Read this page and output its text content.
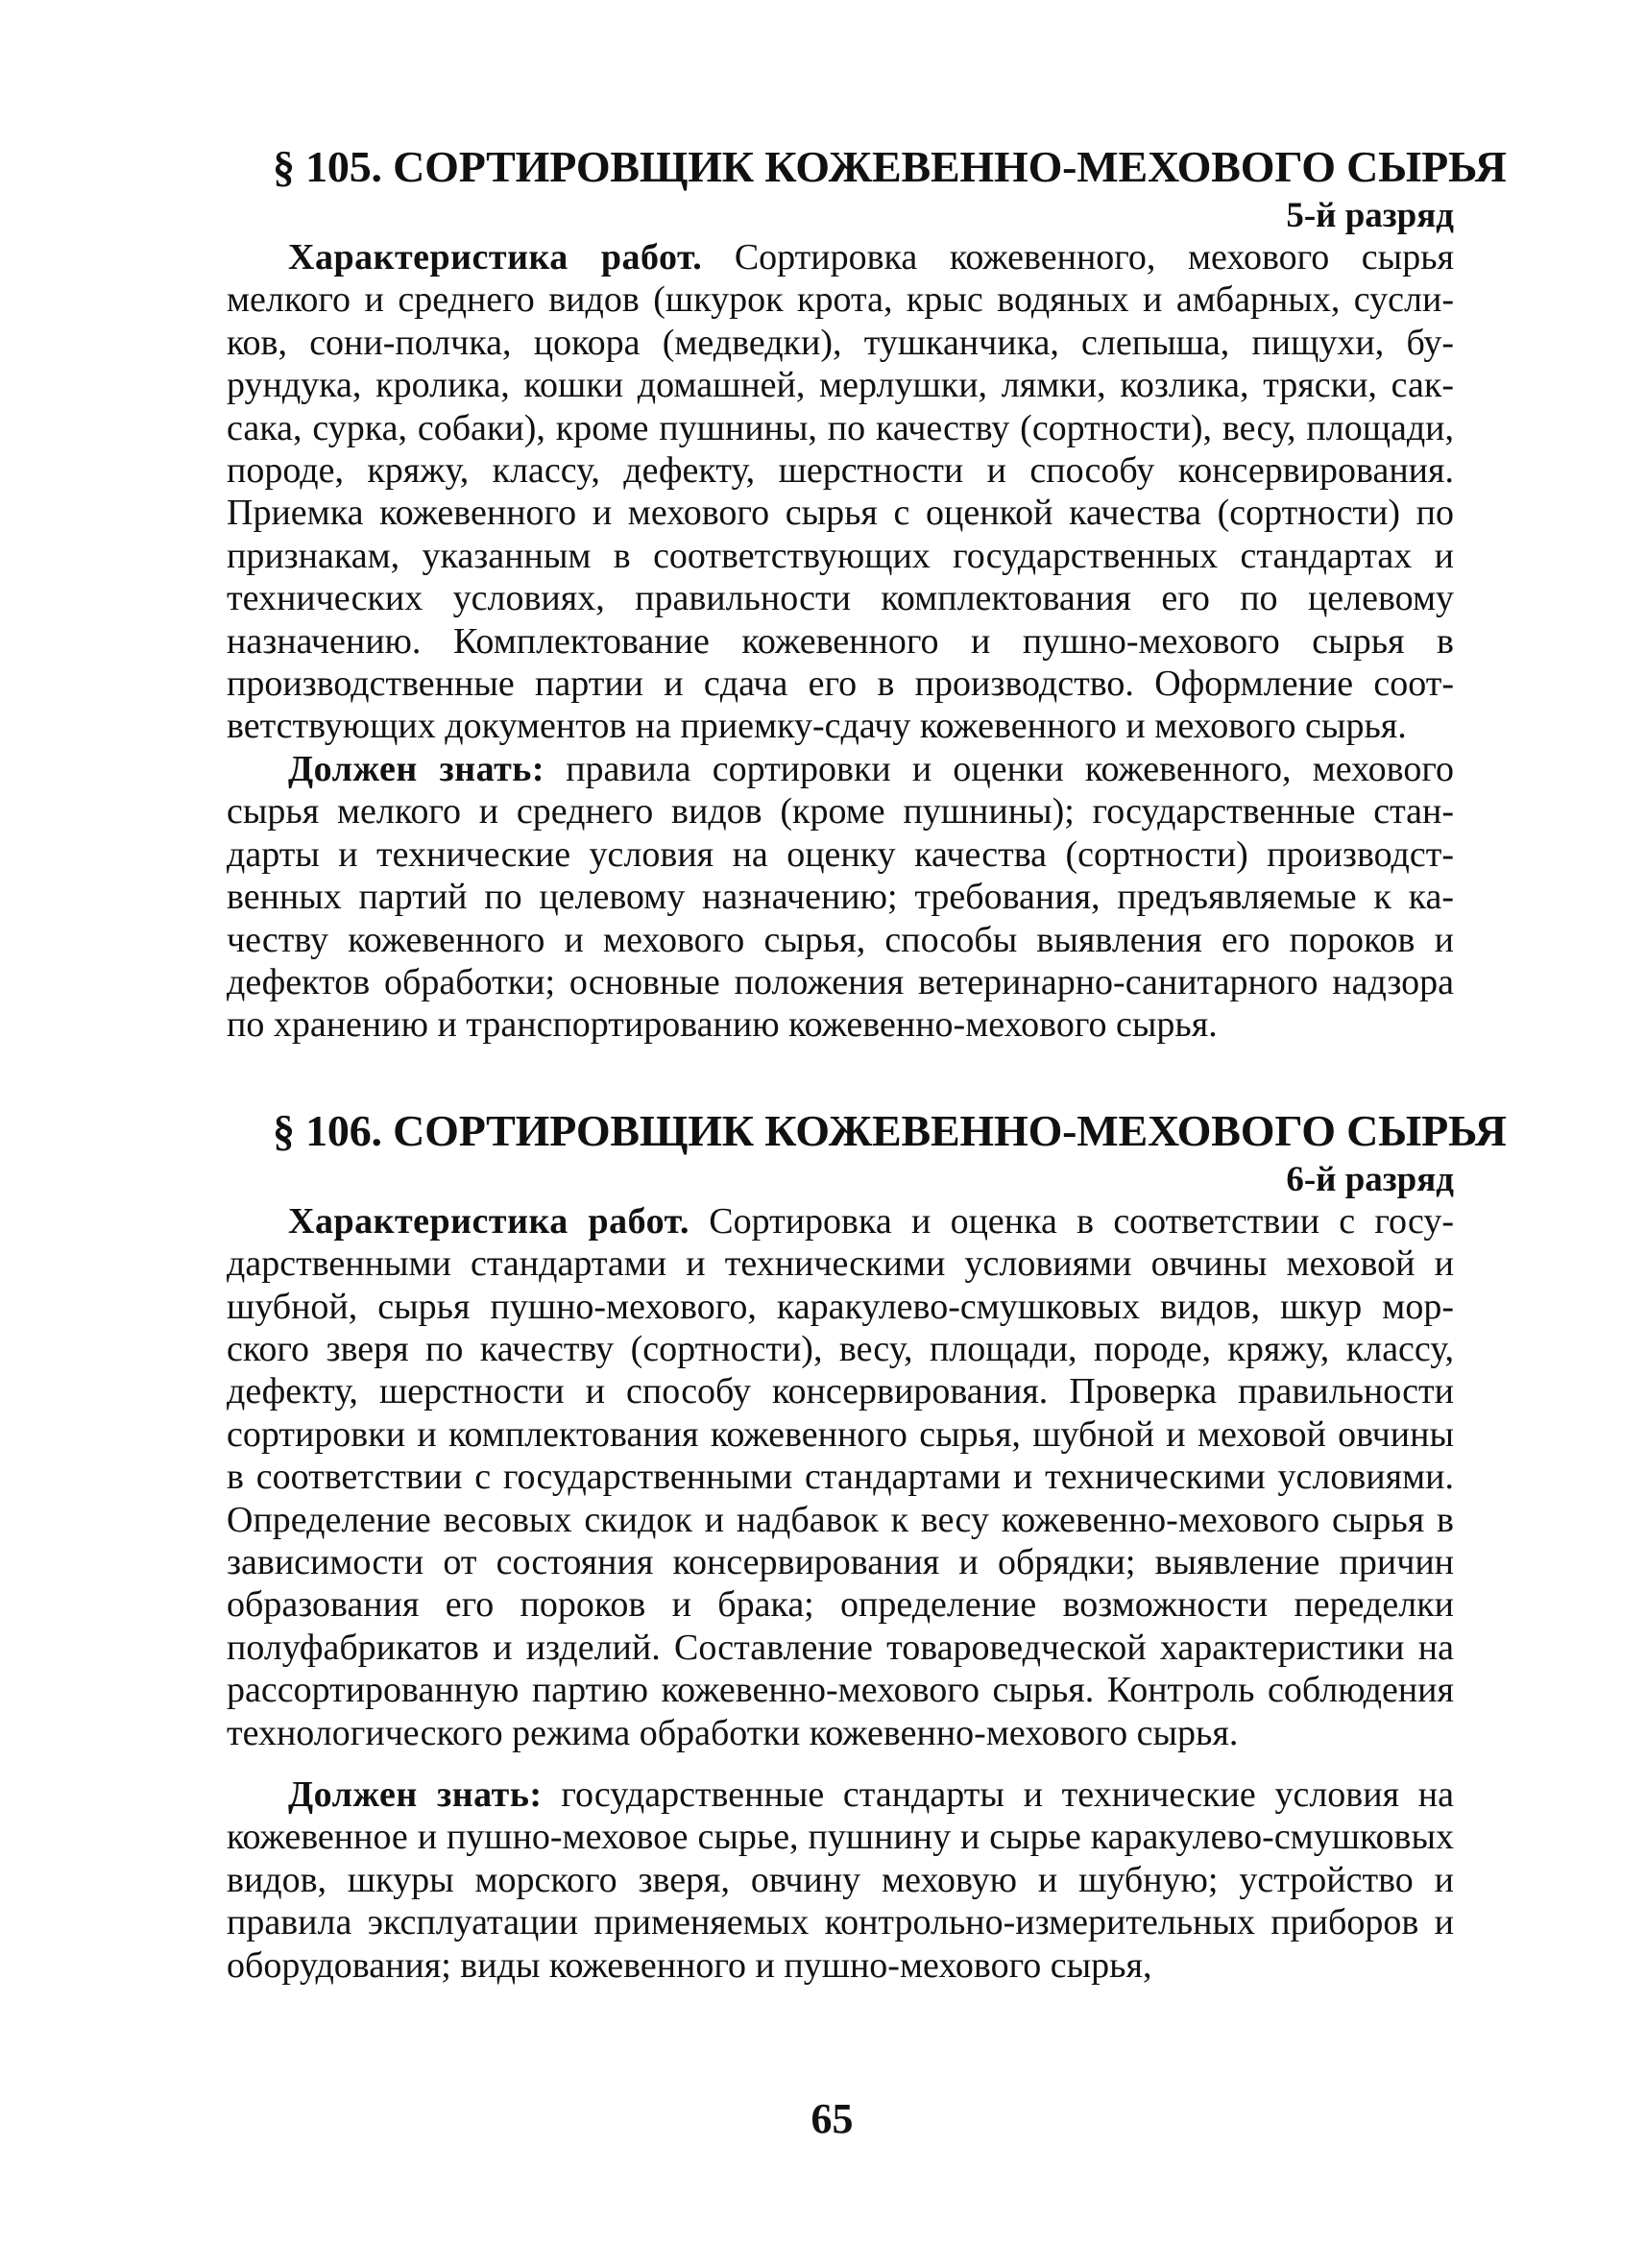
§ 105. СОРТИРОВЩИК КОЖЕВЕННО-МЕХОВОГО СЫРЬЯ
5-й разряд

Характеристика работ. Сортировка кожевенного, мехового сырья мелкого и среднего видов (шкурок крота, крыс водяных и амбарных, сусликов, сони-полчка, цокора (медведки), тушканчика, слепыша, пищухи, бурундука, кролика, кошки домашней, мерлушки, лямки, козлика, тряски, саксака, сурка, собаки), кроме пушнины, по качеству (сортности), весу, площади, породе, кряжу, классу, дефекту, шерстности и способу консервирования. Приемка кожевенного и мехового сырья с оценкой качества (сортности) по признакам, указанным в соответствующих государственных стандартах и технических условиях, правильности комплектования его по целевому назначению. Комплектование кожевенного и пушно-мехового сырья в производственные партии и сдача его в производство. Оформление соответствующих документов на приемку-сдачу кожевенного и мехового сырья.

Должен знать: правила сортировки и оценки кожевенного, мехового сырья мелкого и среднего видов (кроме пушнины); государственные стандарты и технические условия на оценку качества (сортности) производственных партий по целевому назначению; требования, предъявляемые к качеству кожевенного и мехового сырья, способы выявления его пороков и дефектов обработки; основные положения ветеринарно-санитарного надзора по хранению и транспортированию кожевенно-мехового сырья.

§ 106. СОРТИРОВЩИК КОЖЕВЕННО-МЕХОВОГО СЫРЬЯ
6-й разряд

Характеристика работ. Сортировка и оценка в соответствии с государственными стандартами и техническими условиями овчины меховой и шубной, сырья пушно-мехового, каракулево-смушковых видов, шкур морского зверя по качеству (сортности), весу, площади, породе, кряжу, классу, дефекту, шерстности и способу консервирования. Проверка правильности сортировки и комплектования кожевенного сырья, шубной и меховой овчины в соответствии с государственными стандартами и техническими условиями. Определение весовых скидок и надбавок к весу кожевенно-мехового сырья в зависимости от состояния консервирования и обрядки; выявление причин образования его пороков и брака; определение возможности переделки полуфабрикатов и изделий. Составление товароведческой характеристики на рассортированную партию кожевенно-мехового сырья. Контроль соблюдения технологического режима обработки кожевенно-мехового сырья.

Должен знать: государственные стандарты и технические условия на кожевенное и пушно-меховое сырье, пушнину и сырье каракулево-смушковых видов, шкуры морского зверя, овчину меховую и шубную; устройство и правила эксплуатации применяемых контрольно-измерительных приборов и оборудования; виды кожевенного и пушно-мехового сырья,

65
